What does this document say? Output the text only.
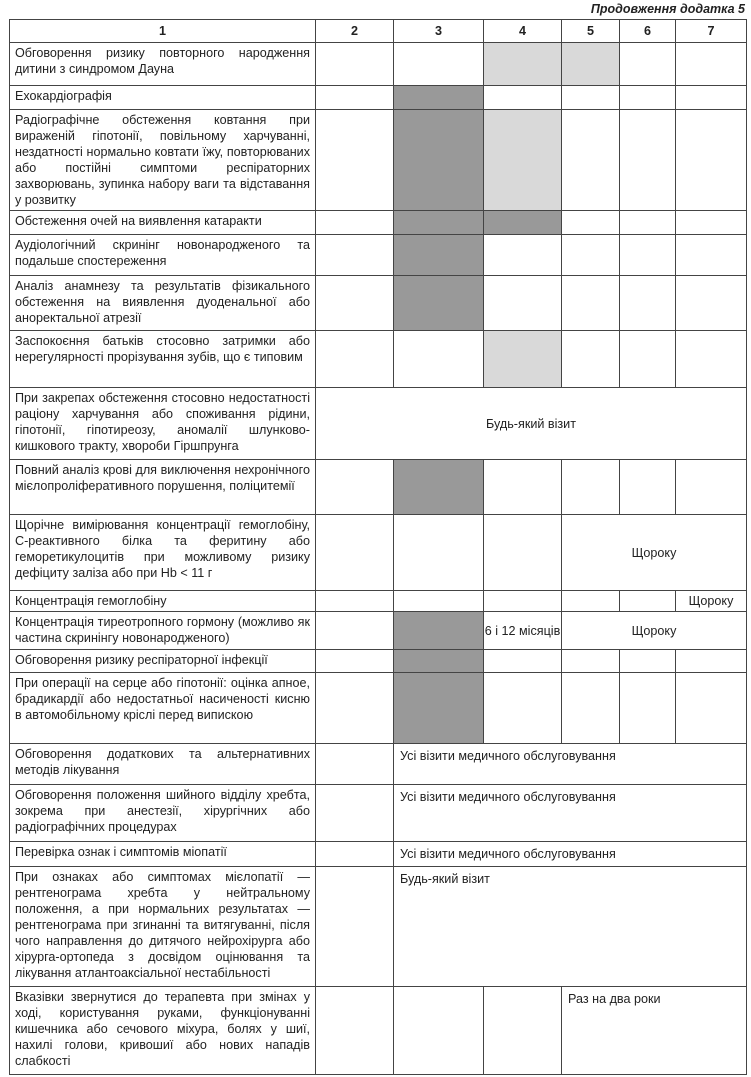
Продовження додатка 5
1	2	3	4	5	6	7

Обговорення ризику повторного народження дитини з синдромом Дауна						

Ехокардіографія						

Радіографічне обстеження ковтання при вираженій гіпотонії, повільному харчуванні, нездатності нормально ковтати їжу, повторюваних або постійні симптоми респіраторних захворювань, зупинка набору ваги та відставання у розвитку						

Обстеження очей на виявлення катаракти						

Аудіологічний скринінг новонародженого та подальше спостереження						

Аналіз анамнезу та результатів фізикального обстеження на виявлення дуоденальної або аноректальної атрезії						

Заспокоєння батьків стосовно затримки або нерегулярності прорізування зубів, що є типовим						

При закрепах обстеження стосовно недостатності раціону харчування або споживання рідини, гіпотонії, гіпотиреозу, аномалії шлунково-кишкового тракту, хвороби Гіршпрунга	Будь-який візит					

Повний аналіз крові для виключення нехронічного мієлопроліферативного порушення, поліцитемії						

Щорічне вимірювання концентрації гемоглобіну, С-реактивного білка та феритину або геморетикулоцитів при можливому ризику дефіциту заліза або при Hb < 11 г				Щороку		

Концентрація гемоглобіну						Щороку

Концентрація тиреотропного гормону (можливо як частина скринінгу новонародженого)			6 і 12 місяців	Щороку		

Обговорення ризику респіраторної інфекції						

При операції на серце або гіпотонії: оцінка апное, брадикардії або недостатньої насиченості кисню в автомобільному кріслі перед випискою						

Обговорення додаткових та альтернативних методів лікування		Усі візити медичного обслуговування				

Обговорення положення шийного відділу хребта, зокрема при анестезії, хірургічних або радіографічних процедурах		Усі візити медичного обслуговування				

Перевірка ознак і симптомів міопатії		Усі візити медичного обслуговування				

При ознаках або симптомах мієлопатії — рентгенограма хребта у нейтральному положення, а при нормальних результатах — рентгенограма при згинанні та витягуванні, після чого направлення до дитячого нейрохірурга або хірурга-ортопеда з досвідом оцінювання та лікування атлантоаксіальної нестабільності		Будь-який візит				

Вказівки звернутися до терапевта при змінах у ході, користування руками, функціонуванні кишечника або сечового міхура, болях у шиї, нахилі голови, кривошиї або нових нападів слабкості				Раз на два роки		
